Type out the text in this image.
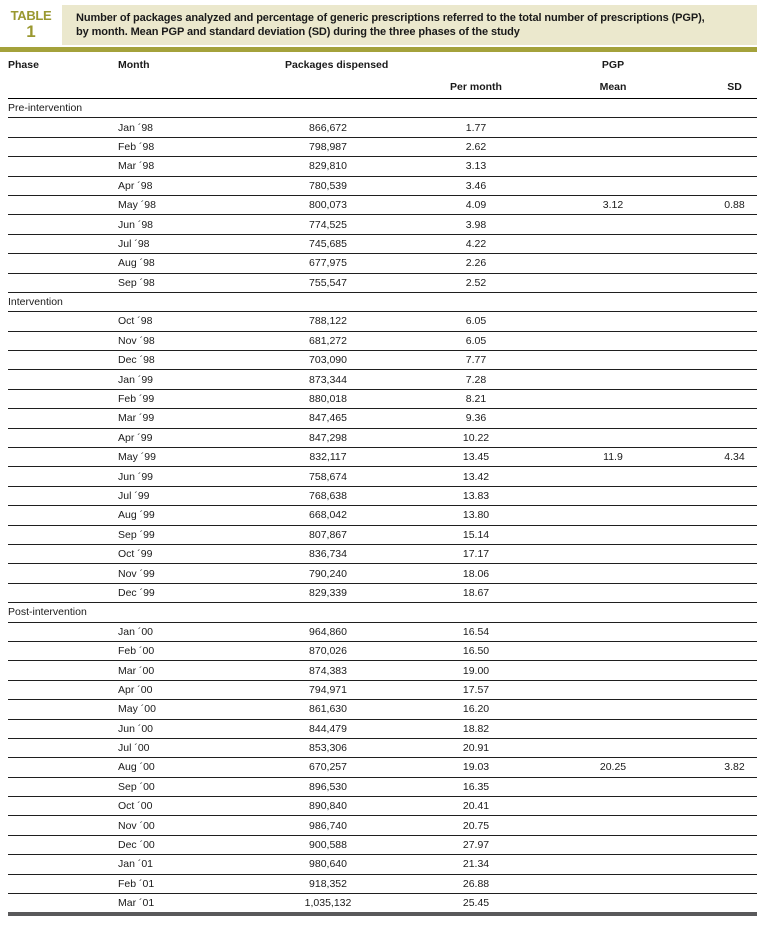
TABLE
1
Number of packages analyzed and percentage of generic prescriptions referred to the total number of prescriptions (PGP),
by month. Mean PGP and standard deviation (SD) during the three phases of the study
Phase	Month	Packages dispensed		PGP	
			Per month	Mean	SD
Pre-intervention					
	Jan ´98	866,672	1.77		
	Feb ´98	798,987	2.62		
	Mar ´98	829,810	3.13		
	Apr ´98	780,539	3.46		
	May ´98	800,073	4.09	3.12	0.88
	Jun ´98	774,525	3.98		
	Jul ´98	745,685	4.22		
	Aug ´98	677,975	2.26		
	Sep ´98	755,547	2.52		
Intervention					
	Oct ´98	788,122	6.05		
	Nov ´98	681,272	6.05		
	Dec ´98	703,090	7.77		
	Jan ´99	873,344	7.28		
	Feb ´99	880,018	8.21		
	Mar ´99	847,465	9.36		
	Apr ´99	847,298	10.22		
	May ´99	832,117	13.45	11.9	4.34
	Jun ´99	758,674	13.42		
	Jul ´99	768,638	13.83		
	Aug ´99	668,042	13.80		
	Sep ´99	807,867	15.14		
	Oct ´99	836,734	17.17		
	Nov ´99	790,240	18.06		
	Dec ´99	829,339	18.67		
Post-intervention					
	Jan ´00	964,860	16.54		
	Feb ´00	870,026	16.50		
	Mar ´00	874,383	19.00		
	Apr ´00	794,971	17.57		
	May ´00	861,630	16.20		
	Jun ´00	844,479	18.82		
	Jul ´00	853,306	20.91		
	Aug ´00	670,257	19.03	20.25	3.82
	Sep ´00	896,530	16.35		
	Oct ´00	890,840	20.41		
	Nov ´00	986,740	20.75		
	Dec ´00	900,588	27.97		
	Jan ´01	980,640	21.34		
	Feb ´01	918,352	26.88		
	Mar ´01	1,035,132	25.45		
